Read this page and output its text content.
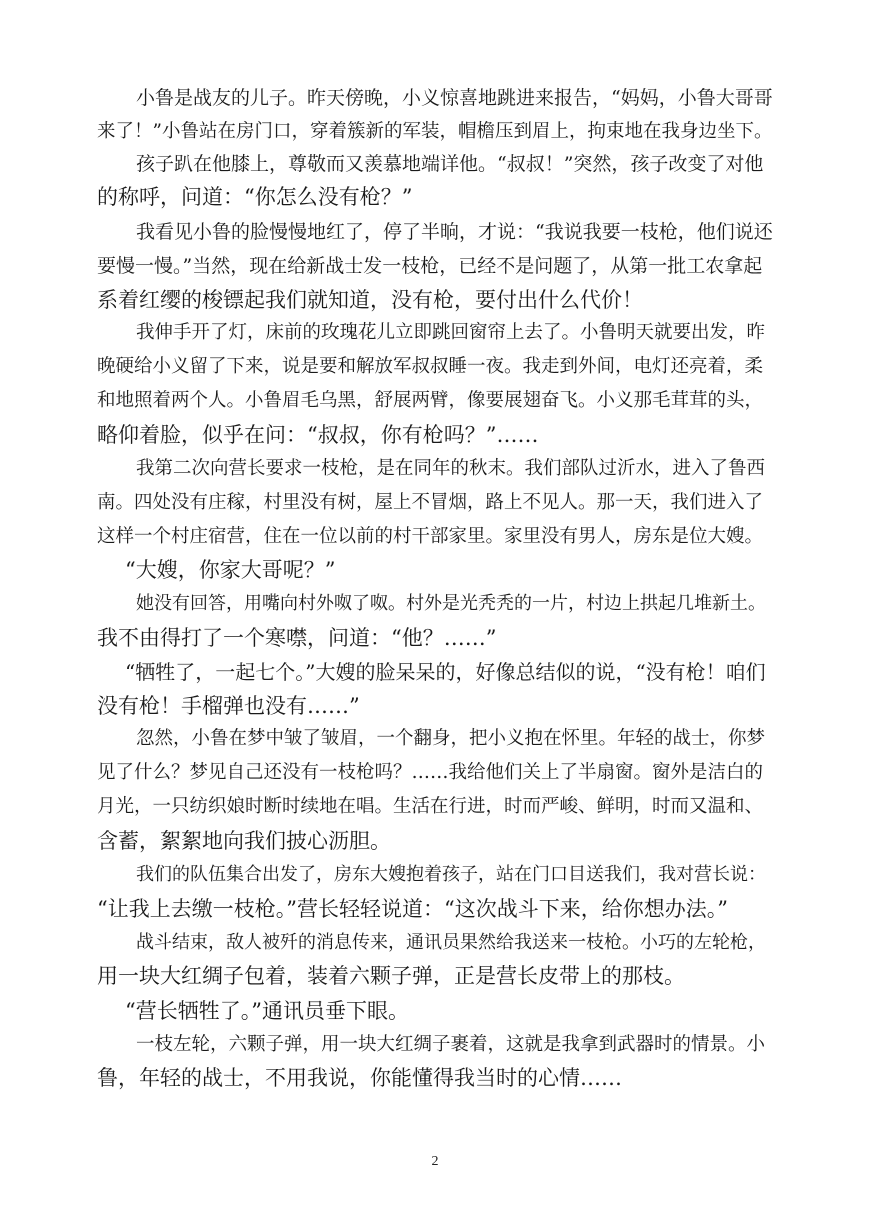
小鲁是战友的儿子。昨天傍晚，小义惊喜地跳进来报告，“妈妈，小鲁大哥哥
来了！”小鲁站在房门口，穿着簇新的军装，帽檐压到眉上，拘束地在我身边坐下。
孩子趴在他膝上，尊敬而又羡慕地端详他。“叔叔！”突然，孩子改变了对他
的称呼，问道：“你怎么没有枪？”
我看见小鲁的脸慢慢地红了，停了半晌，才说：“我说我要一枝枪，他们说还
要慢一慢。”当然，现在给新战士发一枝枪，已经不是问题了，从第一批工农拿起
系着红缨的梭镖起我们就知道，没有枪，要付出什么代价！
我伸手开了灯，床前的玫瑰花儿立即跳回窗帘上去了。小鲁明天就要出发，昨
晚硬给小义留了下来，说是要和解放军叔叔睡一夜。我走到外间，电灯还亮着，柔
和地照着两个人。小鲁眉毛乌黑，舒展两臂，像要展翅奋飞。小义那毛茸茸的头，
略仰着脸，似乎在问：“叔叔，你有枪吗？”……
我第二次向营长要求一枝枪，是在同年的秋末。我们部队过沂水，进入了鲁西
南。四处没有庄稼，村里没有树，屋上不冒烟，路上不见人。那一天，我们进入了
这样一个村庄宿营，住在一位以前的村干部家里。家里没有男人，房东是位大嫂。
“大嫂，你家大哥呢？”
她没有回答，用嘴向村外呶了呶。村外是光秃秃的一片，村边上拱起几堆新土。
我不由得打了一个寒噤，问道：“他？……”
“牺牲了，一起七个。”大嫂的脸呆呆的，好像总结似的说，“没有枪！咱们
没有枪！手榴弹也没有……”
忽然，小鲁在梦中皱了皱眉，一个翻身，把小义抱在怀里。年轻的战士，你梦
见了什么？梦见自己还没有一枝枪吗？……我给他们关上了半扇窗。窗外是洁白的
月光，一只纺织娘时断时续地在唱。生活在行进，时而严峻、鲜明，时而又温和、
含蓄，絮絮地向我们披心沥胆。
我们的队伍集合出发了，房东大嫂抱着孩子，站在门口目送我们，我对营长说：
“让我上去缴一枝枪。”营长轻轻说道：“这次战斗下来，给你想办法。”
战斗结束，敌人被歼的消息传来，通讯员果然给我送来一枝枪。小巧的左轮枪，
用一块大红绸子包着，装着六颗子弹，正是营长皮带上的那枝。
“营长牺牲了。”通讯员垂下眼。
一枝左轮，六颗子弹，用一块大红绸子裹着，这就是我拿到武器时的情景。小
鲁，年轻的战士，不用我说，你能懂得我当时的心情……
2
